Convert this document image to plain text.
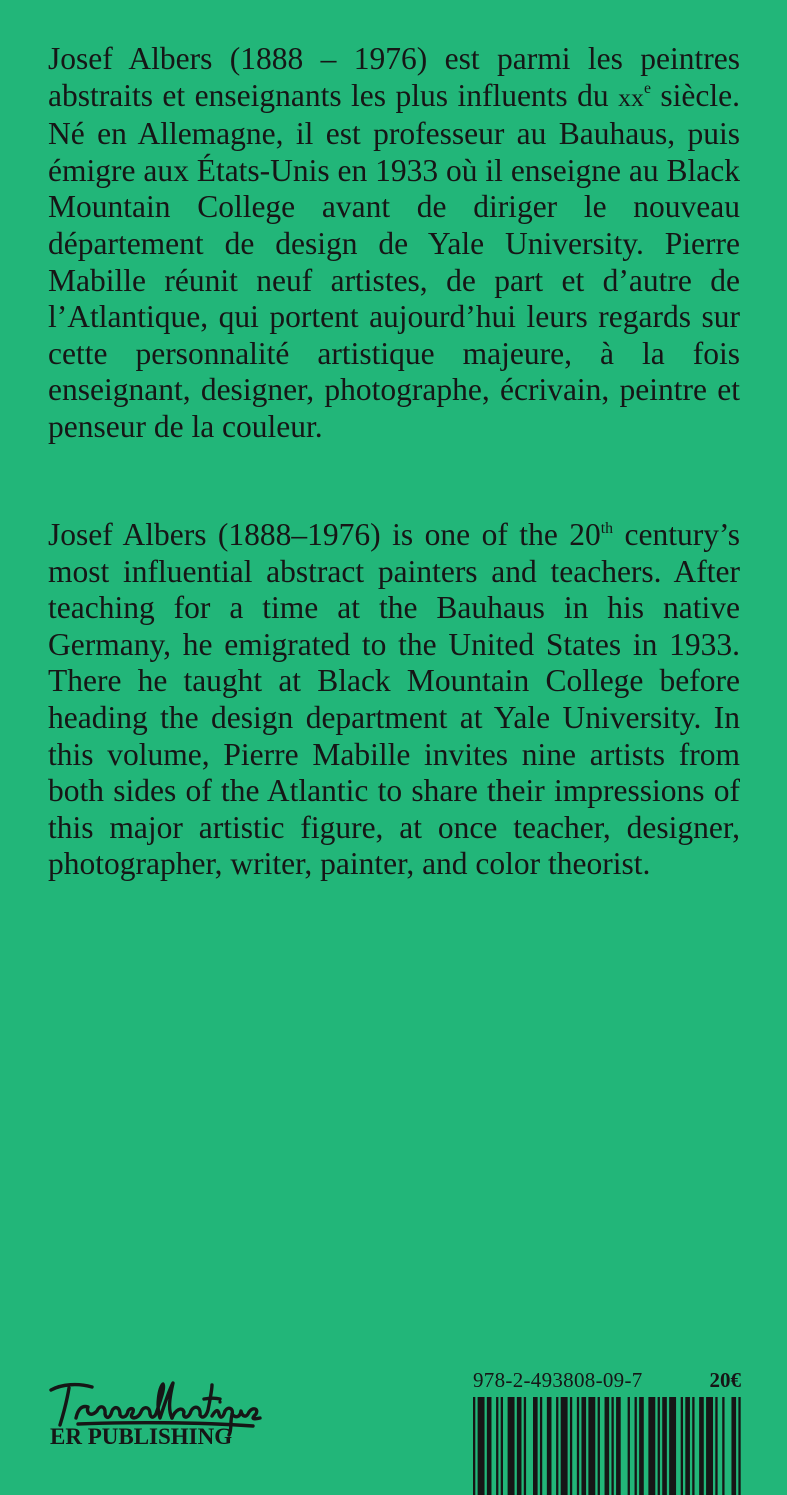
Josef Albers (1888 – 1976) est parmi les peintres abstraits et enseignants les plus influents du $xx^e$ siècle. Né en Allemagne, il est professeur au Bauhaus, puis émigre aux États-Unis en 1933 où il enseigne au Black Mountain College avant de diriger le nouveau département de design de Yale University. Pierre Mabille réunit neuf artistes, de part et d’autre de l’Atlantique, qui portent aujourd’hui leurs regards sur cette personnalité artistique majeure, à la fois enseignant, designer, photographe, écrivain, peintre et penseur de la couleur.

Josef Albers (1888–1976) is one of the 20th century’s most influential abstract painters and teachers. After teaching for a time at the Bauhaus in his native Germany, he emigrated to the United States in 1933. There he taught at Black Mountain College before heading the design department at Yale University. In this volume, Pierre Mabille invites nine artists from both sides of the Atlantic to share their impressions of this major artistic figure, at once teacher, designer, photographer, writer, painter, and color theorist.

ER PUBLISHING
978-2-493808-09-7	20€
